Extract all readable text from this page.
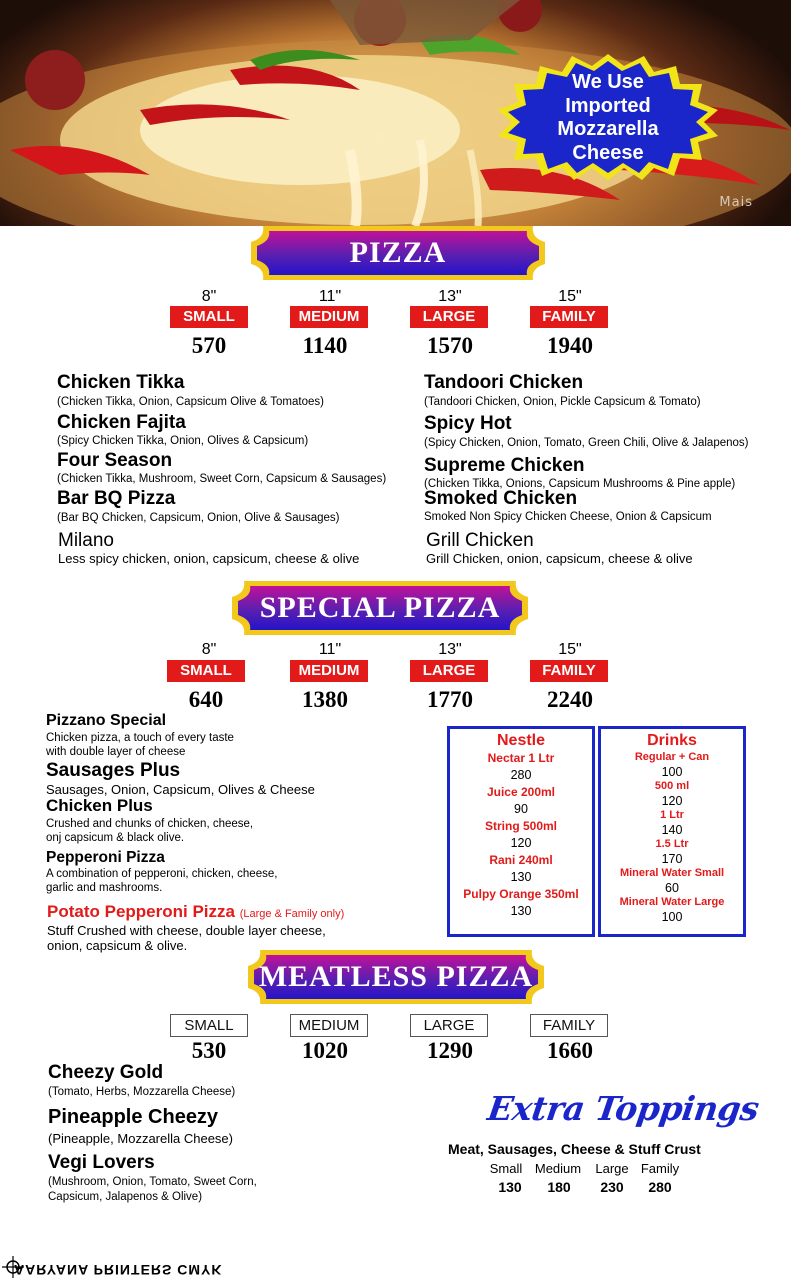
Mais
We Use
Imported
Mozzarella
Cheese
PIZZA
8"	11"	13"	15"
SMALL	MEDIUM	LARGE	FAMILY
570	1140	1570	1940
Chicken Tikka
(Chicken Tikka, Onion, Capsicum Olive & Tomatoes)
Chicken Fajita
(Spicy Chicken Tikka, Onion, Olives & Capsicum)
Four Season
(Chicken Tikka, Mushroom, Sweet Corn, Capsicum & Sausages)
Bar BQ Pizza
(Bar BQ Chicken, Capsicum, Onion, Olive & Sausages)
Milano
Less spicy chicken, onion, capsicum, cheese & olive
Tandoori Chicken
(Tandoori Chicken, Onion, Pickle Capsicum & Tomato)
Spicy Hot
(Spicy Chicken, Onion, Tomato, Green Chili, Olive & Jalapenos)
Supreme Chicken
(Chicken Tikka, Onions, Capsicum Mushrooms & Pine apple)
Smoked Chicken
Smoked Non Spicy Chicken Cheese, Onion & Capsicum
Grill Chicken
Grill Chicken, onion, capsicum, cheese & olive
SPECIAL PIZZA
8"	11"	13"	15"
SMALL	MEDIUM	LARGE	FAMILY
640	1380	1770	2240
Pizzano Special
Chicken pizza, a touch of every taste
with double layer of cheese
Sausages Plus
Sausages, Onion, Capsicum, Olives & Cheese
Chicken Plus
Crushed and chunks of chicken, cheese,
onj capsicum & black olive.
Pepperoni Pizza
A combination of pepperoni, chicken, cheese,
garlic and mashrooms.
Potato Pepperoni Pizza (Large & Family only)
Stuff Crushed with cheese, double layer cheese,
onion, capsicum & olive.
Nestle
Nectar 1 Ltr
280
Juice 200ml
90
String 500ml
120
Rani 240ml
130
Pulpy Orange 350ml
130
Drinks
Regular + Can
100
500 ml
120
1 Ltr
140
1.5 Ltr
170
Mineral Water Small
60
Mineral Water Large
100
MEATLESS PIZZA
SMALL	MEDIUM	LARGE	FAMILY
530	1020	1290	1660
Cheezy Gold
(Tomato, Herbs, Mozzarella Cheese)
Pineapple Cheezy
(Pineapple, Mozzarella Cheese)
Vegi Lovers
(Mushroom, Onion, Tomato, Sweet Corn,
Capsicum, Jalapenos & Olive)
Extra Toppings
Meat, Sausages, Cheese & Stuff Crust
Small Medium	Large Family
130	180	230	280
AARYANA PRINTERS CMYK
